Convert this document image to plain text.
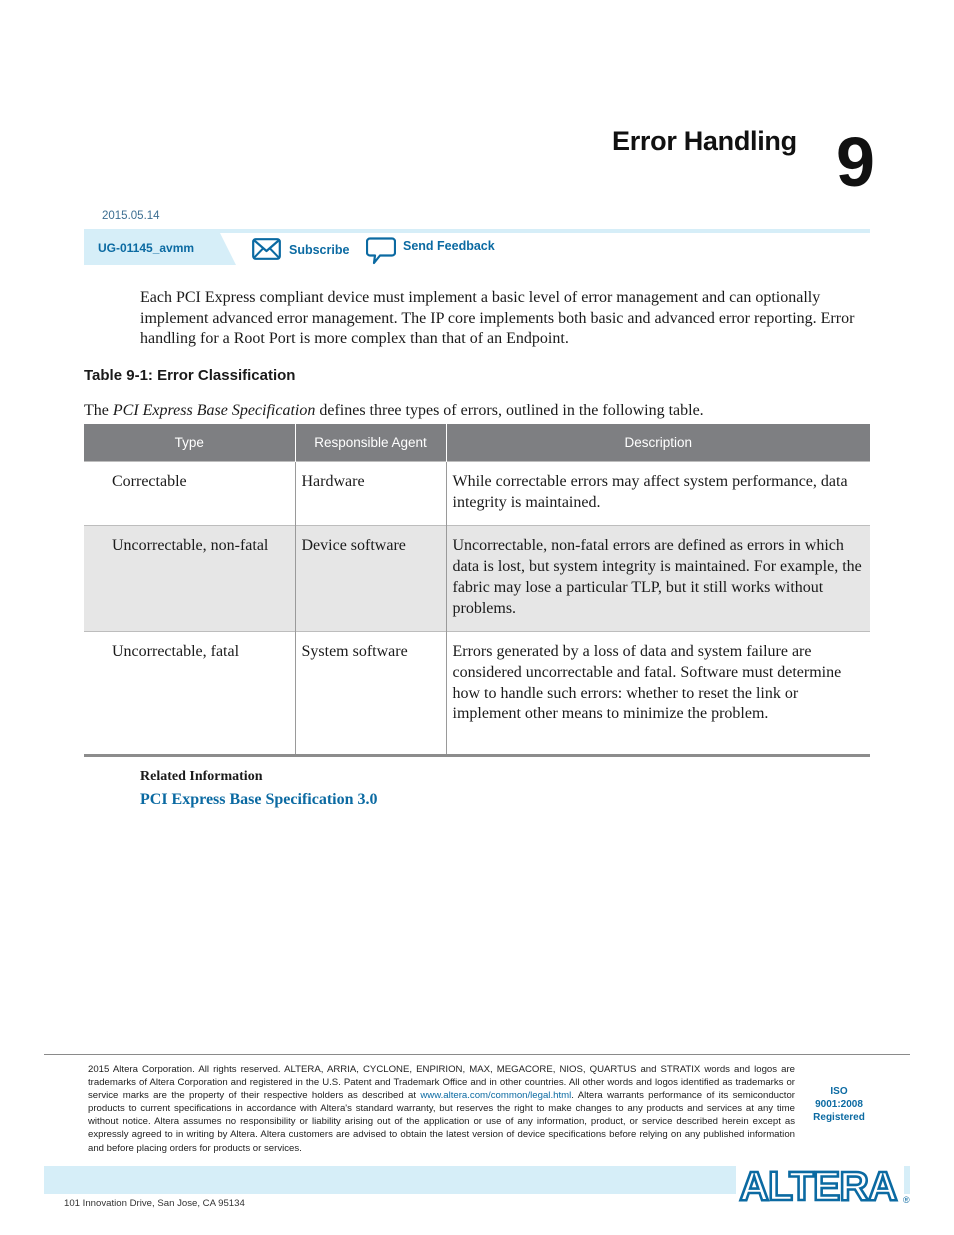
Error Handling 9
2015.05.14
UG-01145_avmm	Subscribe	Send Feedback
Each PCI Express compliant device must implement a basic level of error management and can optionally implement advanced error management. The IP core implements both basic and advanced error reporting. Error handling for a Root Port is more complex than that of an Endpoint.
Table 9-1: Error Classification
The PCI Express Base Specification defines three types of errors, outlined in the following table.
Type	Responsible Agent	Description
Correctable	Hardware	While correctable errors may affect system performance, data integrity is maintained.
Uncorrectable, non-fatal	Device software	Uncorrectable, non-fatal errors are defined as errors in which data is lost, but system integrity is maintained. For example, the fabric may lose a particular TLP, but it still works without problems.
Uncorrectable, fatal	System software	Errors generated by a loss of data and system failure are considered uncorrectable and fatal. Software must determine how to handle such errors: whether to reset the link or implement other means to minimize the problem.
Related Information
PCI Express Base Specification 3.0
2015 Altera Corporation. All rights reserved. ALTERA, ARRIA, CYCLONE, ENPIRION, MAX, MEGACORE, NIOS, QUARTUS and STRATIX words and logos are trademarks of Altera Corporation and registered in the U.S. Patent and Trademark Office and in other countries. All other words and logos identified as trademarks or service marks are the property of their respective holders as described at www.altera.com/common/legal.html. Altera warrants performance of its semiconductor products to current specifications in accordance with Altera's standard warranty, but reserves the right to make changes to any products and services at any time without notice. Altera assumes no responsibility or liability arising out of the application or use of any information, product, or service described herein except as expressly agreed to in writing by Altera. Altera customers are advised to obtain the latest version of device specifications before relying on any published information and before placing orders for products or services.
ISO
9001:2008
Registered
101 Innovation Drive, San Jose, CA 95134	ALTERA ®
